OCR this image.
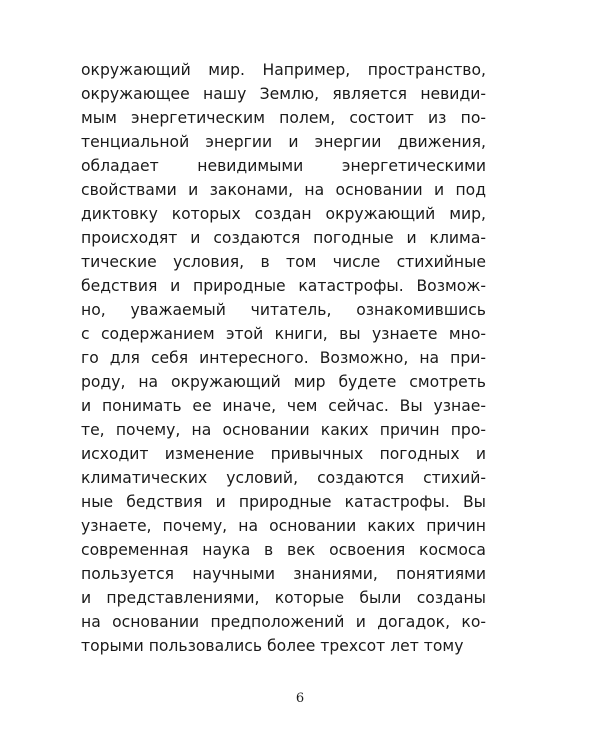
окружающий мир. Например, пространство,
окружающее нашу Землю, является невиди-
мым энергетическим полем, состоит из по-
тенциальной энергии и энергии движения,
обладает невидимыми энергетическими
свойствами и законами, на основании и под
диктовку которых создан окружающий мир,
происходят и создаются погодные и клима-
тические условия, в том числе стихийные
бедствия и природные катастрофы. Возмож-
но, уважаемый читатель, ознакомившись
с содержанием этой книги, вы узнаете мно-
го для себя интересного. Возможно, на при-
роду, на окружающий мир будете смотреть
и понимать ее иначе, чем сейчас. Вы узнае-
те, почему, на основании каких причин про-
исходит изменение привычных погодных и
климатических условий, создаются стихий-
ные бедствия и природные катастрофы. Вы
узнаете, почему, на основании каких причин
современная наука в век освоения космоса
пользуется научными знаниями, понятиями
и представлениями, которые были созданы
на основании предположений и догадок, ко-
торыми пользовались более трехсот лет тому
6
